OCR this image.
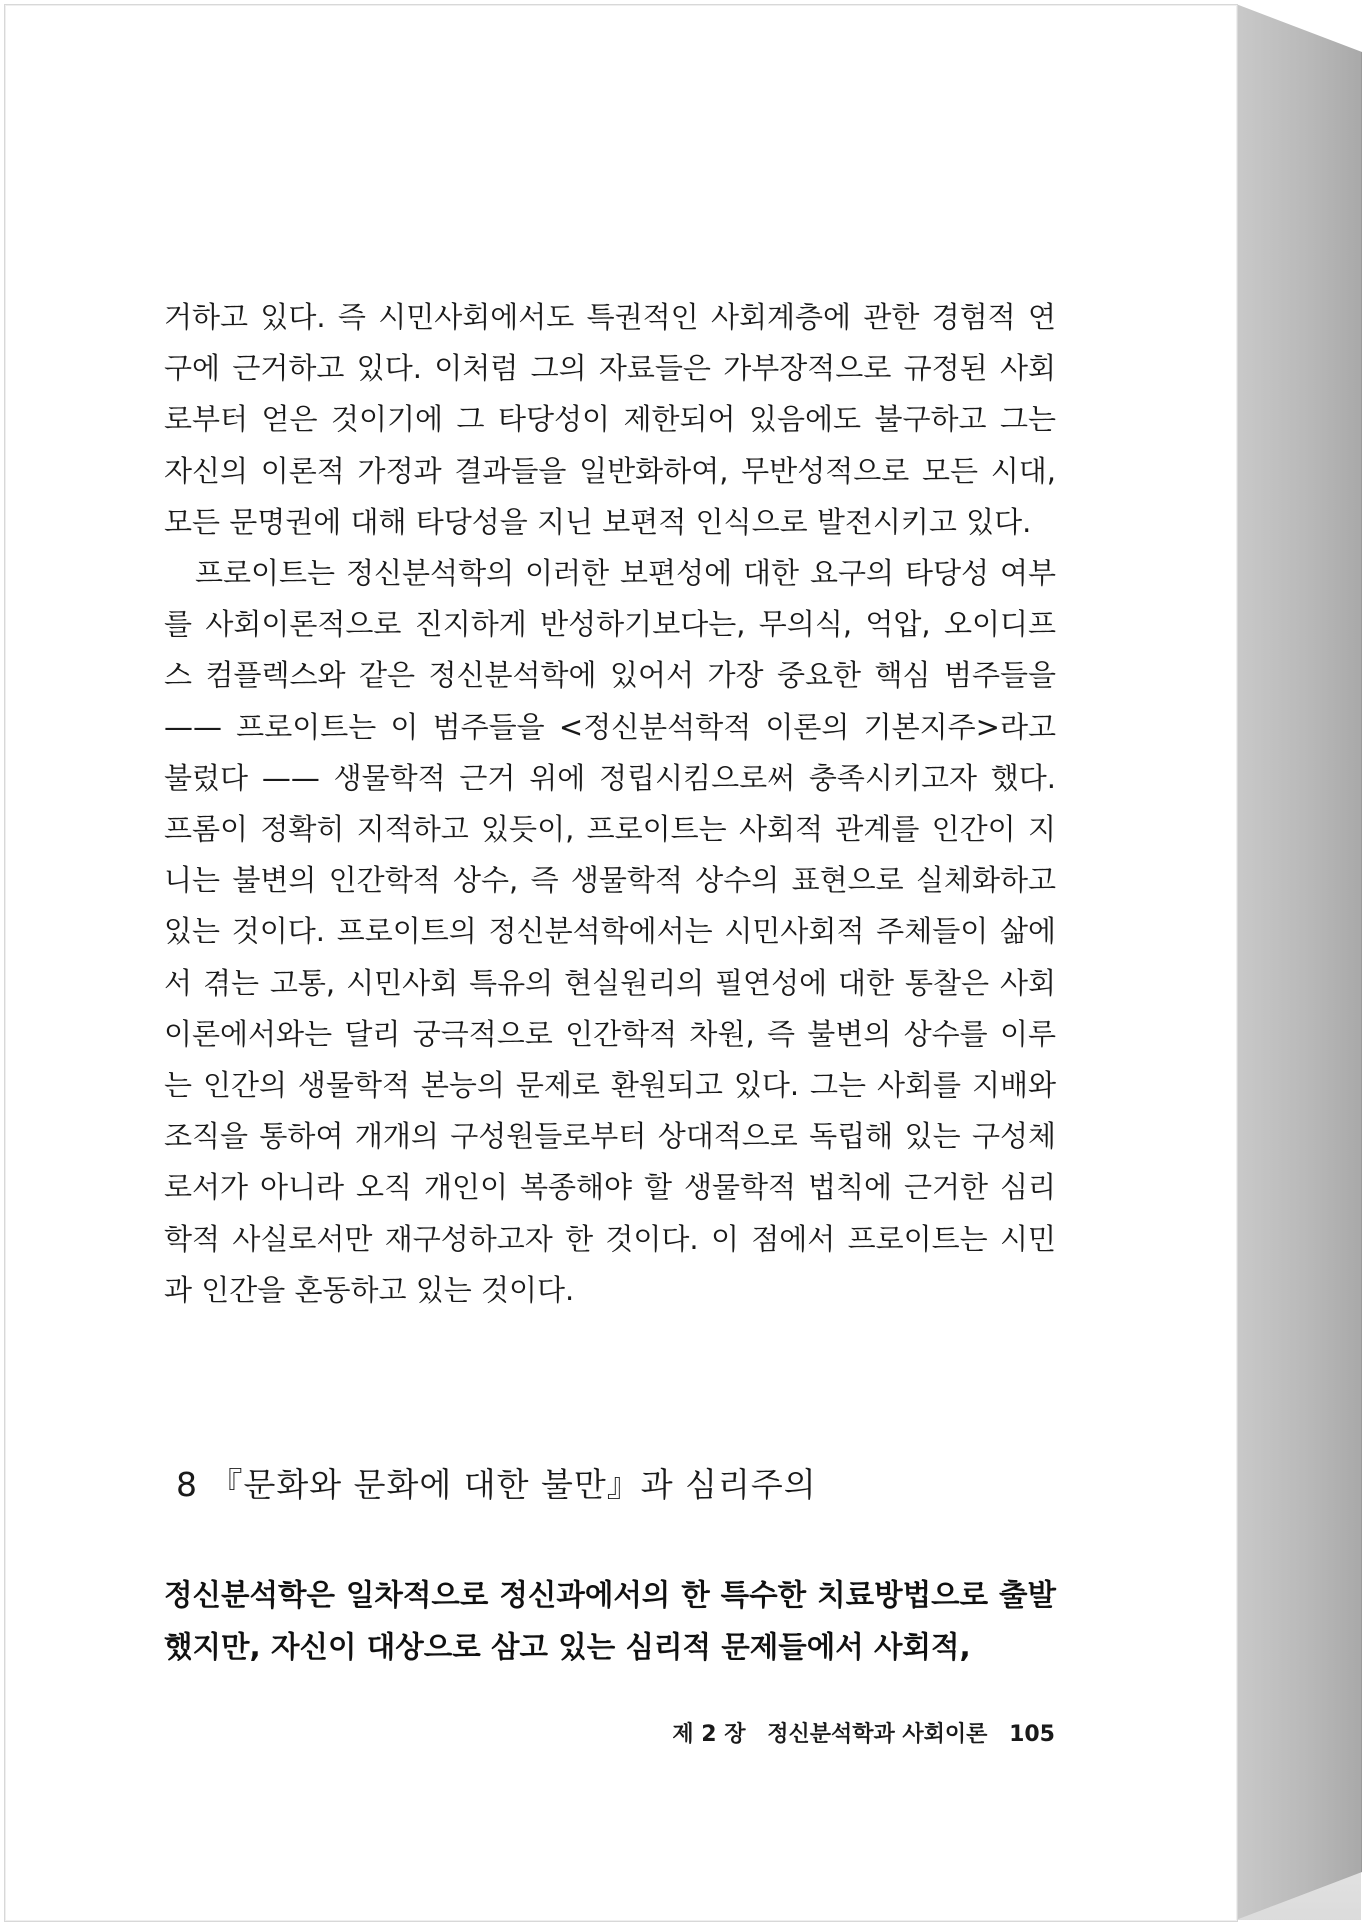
거하고 있다. 즉 시민사회에서도 특권적인 사회계층에 관한 경험적 연구에 근거하고 있다. 이처럼 그의 자료들은 가부장적으로 규정된 사회로부터 얻은 것이기에 그 타당성이 제한되어 있음에도 불구하고 그는 자신의 이론적 가정과 결과들을 일반화하여, 무반성적으로 모든 시대, 모든 문명권에 대해 타당성을 지닌 보편적 인식으로 발전시키고 있다.

프로이트는 정신분석학의 이러한 보편성에 대한 요구의 타당성 여부를 사회이론적으로 진지하게 반성하기보다는, 무의식, 억압, 오이디프스 컴플렉스와 같은 정신분석학에 있어서 가장 중요한 핵심 범주들을 —— 프로이트는 이 범주들을 <정신분석학적 이론의 기본지주>라고 불렀다 —— 생물학적 근거 위에 정립시킴으로써 충족시키고자 했다. 프롬이 정확히 지적하고 있듯이, 프로이트는 사회적 관계를 인간이 지니는 불변의 인간학적 상수, 즉 생물학적 상수의 표현으로 실체화하고 있는 것이다. 프로이트의 정신분석학에서는 시민사회적 주체들이 삶에서 겪는 고통, 시민사회 특유의 현실원리의 필연성에 대한 통찰은 사회이론에서와는 달리 궁극적으로 인간학적 차원, 즉 불변의 상수를 이루는 인간의 생물학적 본능의 문제로 환원되고 있다. 그는 사회를 지배와 조직을 통하여 개개의 구성원들로부터 상대적으로 독립해 있는 구성체로서가 아니라 오직 개인이 복종해야 할 생물학적 법칙에 근거한 심리학적 사실로서만 재구성하고자 한 것이다. 이 점에서 프로이트는 시민과 인간을 혼동하고 있는 것이다.

8 『문화와 문화에 대한 불만』과 심리주의
정신분석학은 일차적으로 정신과에서의 한 특수한 치료방법으로 출발했지만, 자신이 대상으로 삼고 있는 심리적 문제들에서 사회적,
제 2 장 정신분석학과 사회이론 105
